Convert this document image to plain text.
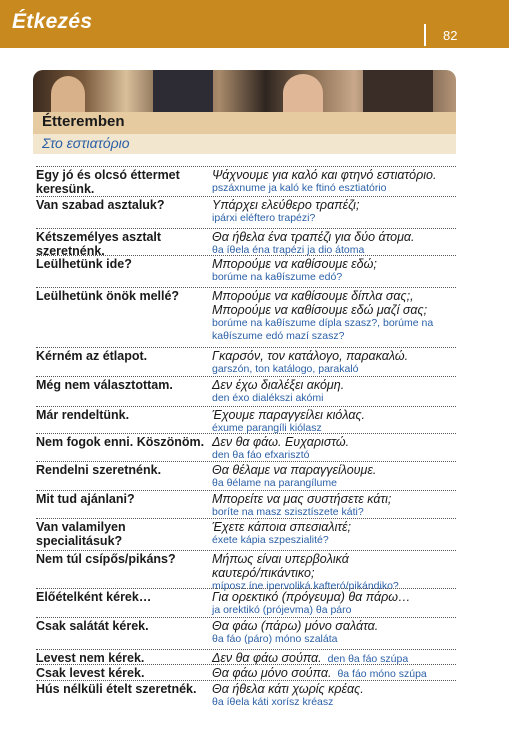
Étkezés
82
Étteremben
Στο εστιατόριο
Egy jó és olcsó éttermet keresünk.
Ψάχνουμε για καλό και φτηνό εστιατόριο.
pszáxnume ja kaló ke ftinó esztiatório
Van szabad asztaluk?	Υπάρχει ελεύθερο τραπέζι;
ipárxi eléftero trapézi?
Kétszemélyes asztalt szeretnénk.
Θα ήθελα ένα τραπέζι για δύο άτομα.
θa íθela éna trapézi ja dio átoma
Leülhetünk ide?	Μπορούμε να καθίσουμε εδώ;
borúme na kaθíszume edó?
Leülhetünk önök mellé?	Μπορούμε να καθίσουμε δίπλα σας;,
Μπορούμε να καθίσουμε εδώ μαζί σας;
borúme na kaθíszume dípla szasz?, borúme na
kaθíszume edó mazí szasz?
Kérném az étlapot.	Γκαρσόν, τον κατάλογο, παρακαλώ.
garszón, ton katálogo, parakaló
Még nem választottam.	Δεν έχω διαλέξει ακόμη.
den éxo dialékszi akómi
Már rendeltünk.	Έχουμε παραγγείλει κιόλας.
éxume parangíli kiólasz
Nem fogok enni. Köszönöm. Δεν θα φάω. Ευχαριστώ.
den θa fáo efxarisztó
Rendelni szeretnénk.	Θα θέλαμε να παραγγείλουμε.
θa θélame na parangílume
Mit tud ajánlani?	Μπορείτε να μας συστήσετε κάτι;
boríte na masz szisztíszete káti?
Van valamilyen specialitásuk?
Έχετε κάποια σπεσιαλιτέ;
éxete kápia szpeszialité?
Nem túl csípős/pikáns?	Μήπως είναι υπερβολικά
καυτερό/πικάντικο;
míposz íne ipervoliká kafteró/pikándiko?
Előételként kérek…	Για ορεκτικό (πρόγευμα) θα πάρω…
ja orektikó (prójevma) θa páro
Csak salátát kérek.	Θα φάω (πάρω) μόνο σαλάτα.
θa fáo (páro) móno szaláta
Levest nem kérek.	Δεν θα φάω σούπα. den θa fáo szúpa
Csak levest kérek.	Θα φάω μόνο σούπα. θa fáo móno szúpa
Hús nélküli ételt szeretnék.	Θα ήθελα κάτι χωρίς κρέας.
θa íθela káti xorísz kréasz
